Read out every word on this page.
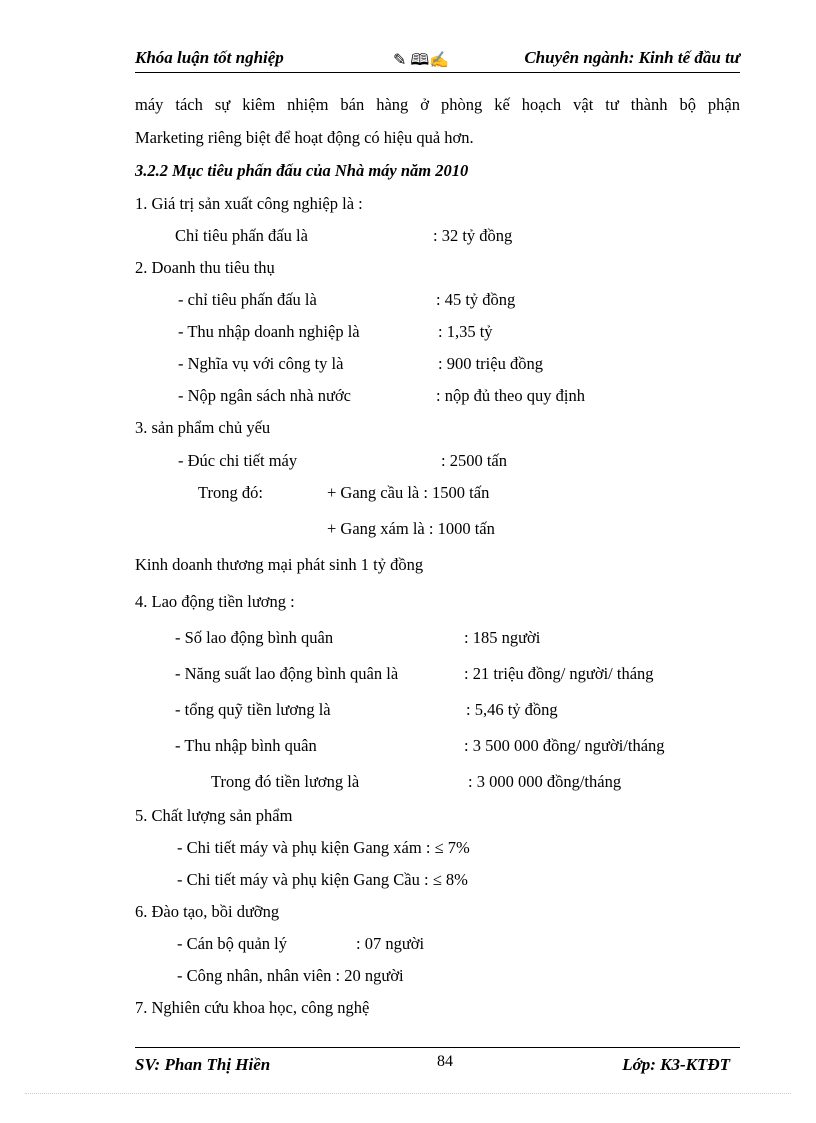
Khóa luận tốt nghiệp	✎ 🕮✍	Chuyên ngành: Kinh tế đầu tư
máy tách sự kiêm nhiệm bán hàng ở phòng kế hoạch vật tư thành bộ phận
Marketing riêng biệt để hoạt động có hiệu quả hơn.
3.2.2 Mục tiêu phấn đấu của Nhà máy năm 2010
1. Giá trị sản xuất công nghiệp là :
Chỉ tiêu phấn đấu là	: 32 tỷ đồng
2. Doanh thu tiêu thụ
- chỉ tiêu phấn đấu là	: 45 tỷ đồng
- Thu nhập doanh nghiệp là	: 1,35 tỷ
- Nghĩa vụ với công ty là	: 900 triệu đồng
- Nộp ngân sách nhà nước	: nộp đủ theo quy định
3. sản phẩm chủ yếu
- Đúc chi tiết máy	: 2500 tấn
Trong đó:	+ Gang cầu là : 1500 tấn
+ Gang xám là : 1000 tấn
Kinh doanh thương mại phát sinh 1 tỷ đồng
4. Lao động tiền lương :
- Số lao động bình quân	: 185 người
- Năng suất lao động bình quân là	: 21 triệu đồng/ người/ tháng
- tổng quỹ tiền lương là	: 5,46 tỷ đồng
- Thu nhập bình quân	: 3 500 000 đồng/ người/tháng
Trong đó tiền lương là	: 3 000 000 đồng/tháng
5. Chất lượng sản phẩm
- Chi tiết máy và phụ kiện Gang xám : ≤ 7%
- Chi tiết máy và phụ kiện Gang Cầu : ≤ 8%
6. Đào tạo, bồi dưỡng
- Cán bộ quản lý	: 07 người
- Công nhân, nhân viên : 20 người
7. Nghiên cứu khoa học, công nghệ
SV: Phan Thị Hiền	84	Lớp: K3-KTĐT
